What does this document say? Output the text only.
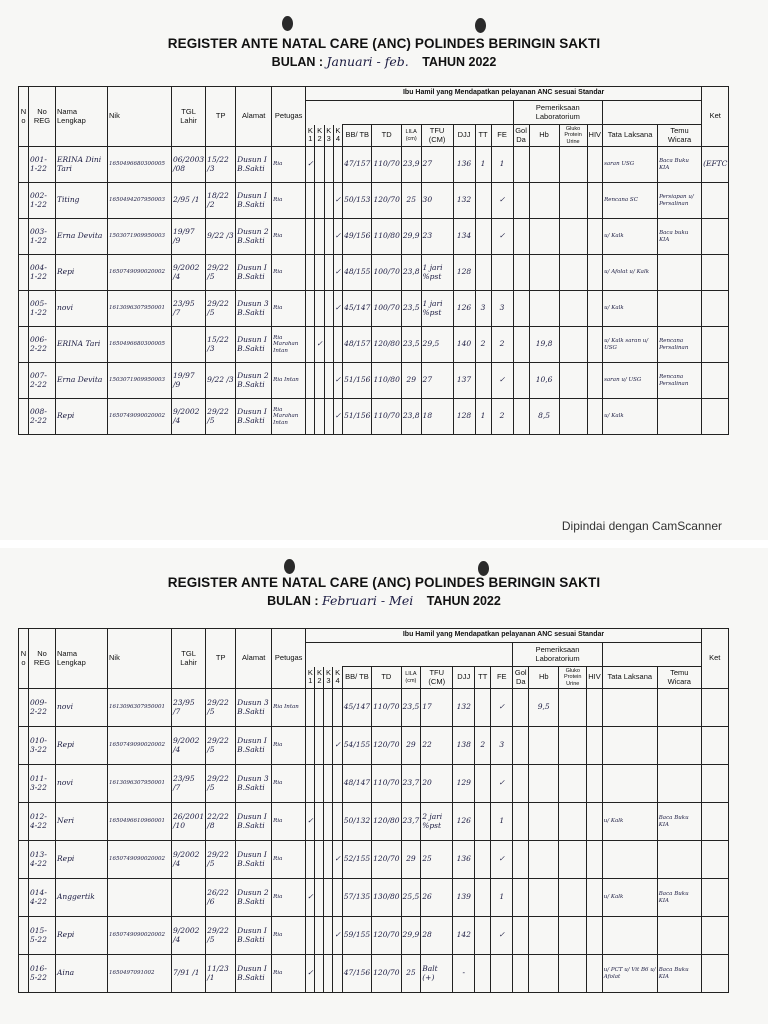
REGISTER ANTE NATAL CARE (ANC) POLINDES BERINGIN SAKTI
BULAN : Januari - feb. TAHUN 2022
N o	No REG	Nama Lengkap	Nik	TGL Lahir	TP	Alamat	Petugas	Ibu Hamil yang Mendapatkan pelayanan ANC sesuai Standar																	Ket
																			Pemeriksaan Laboratorium						

								K 1	K 2	K 3	K 4	BB/ TB	TD	LILA (cm)	TFU (CM)	DJJ	TT	FE	Gol Da	Hb	Gluko Protein Urine	HIV	Tata Laksana	Temu Wicara	
	001- 1-22	ERINA Dini Tari	1650496680300005	06/2003 /08	15/22 /3	Dusun I B.Sakti	Ria	✓				47/157	110/70	23,9	27	136	1	1					saran USG	Baca Buku KIA	(EFTC
	002- 1-22	Titing	1650494207950003	2/95 /1	18/22 /2	Dusun I B.Sakti	Ria				✓	50/153	120/70	25	30	132		✓					Rencana SC	Persiapan u/ Persalinan	
	003- 1-22	Erna Devita	1503071909950003	19/97 /9	9/22 /3	Dusun 2 B.Sakti	Ria				✓	49/156	110/80	29,9	23	134		✓					u/ Kalk	Baca buku KIA	
	004- 1-22	Repi	1650749090020002	9/2002 /4	29/22 /5	Dusun I B.Sakti	Ria				✓	48/155	100/70	23,8	1 jari %pst	128							u/ Afolat u/ Kalk		
	005- 1-22	novi	1613096307950001	23/95 /7	29/22 /5	Dusun 3 B.Sakti	Ria				✓	45/147	100/70	23,5	1 jari %pst	126	3	3					u/ Kalk		
	006- 2-22	ERINA Tari	1650496680300005		15/22 /3	Dusun I B.Sakti	Ria Marahan Intan		✓			48/157	120/80	23,5	29,5	140	2	2		19,8			u/ Kalk saran u/ USG	Rencana Persalinan	
	007- 2-22	Erna Devita	1503071909950003	19/97 /9	9/22 /3	Dusun 2 B.Sakti	Ria Intan				✓	51/156	110/80	29	27	137		✓		10,6			saran u/ USG	Rencana Persalinan	
	008- 2-22	Repi	1650749090020002	9/2002 /4	29/22 /5	Dusun I B.Sakti	Ria Marahan Intan				✓	51/156	110/70	23,8	18	128	1	2		8,5			u/ Kalk		
Dipindai dengan CamScanner
REGISTER ANTE NATAL CARE (ANC) POLINDES BERINGIN SAKTI
BULAN : Februari - Mei TAHUN 2022
N o	No REG	Nama Lengkap	Nik	TGL Lahir	TP	Alamat	Petugas	Ibu Hamil yang Mendapatkan pelayanan ANC sesuai Standar																	Ket
																			Pemeriksaan Laboratorium						

								K 1	K 2	K 3	K 4	BB/ TB	TD	LILA (cm)	TFU (CM)	DJJ	TT	FE	Gol Da	Hb	Gluko Protein Urine	HIV	Tata Laksana	Temu Wicara	
	009- 2-22	novi	1613096307950001	23/95 /7	29/22 /5	Dusun 3 B.Sakti	Ria Intan					45/147	110/70	23,5	17	132		✓		9,5					
	010- 3-22	Repi	1650749090020002	9/2002 /4	29/22 /5	Dusun I B.Sakti	Ria				✓	54/155	120/70	29	22	138	2	3							
	011- 3-22	novi	1613096307950001	23/95 /7	29/22 /5	Dusun 3 B.Sakti	Ria					48/147	110/70	23,7	20	129		✓							
	012- 4-22	Neri	1650496610960001	26/2001 /10	22/22 /8	Dusun I B.Sakti	Ria	✓				50/132	120/80	23,7	2 jari %pst	126		1					u/ Kalk	Baca Buku KIA	
	013- 4-22	Repi	1650749090020002	9/2002 /4	29/22 /5	Dusun I B.Sakti	Ria				✓	52/155	120/70	29	25	136		✓							
	014- 4-22	Anggertik			26/22 /6	Dusun 2 B.Sakti	Ria	✓				57/135	130/80	25,5	26	139		1					u/ Kalk	Baca Buku KIA	
	015- 5-22	Repi	1650749090020002	9/2002 /4	29/22 /5	Dusun I B.Sakti	Ria				✓	59/155	120/70	29,9	28	142		✓							
	016- 5-22	Aina	1650497091002	7/91 /1	11/23 /1	Dusun I B.Sakti	Ria	✓				47/156	120/70	25	Balt (+)	-							u/ PCT u/ Vit B6 u/ Afolat	Baca Buku KIA	
